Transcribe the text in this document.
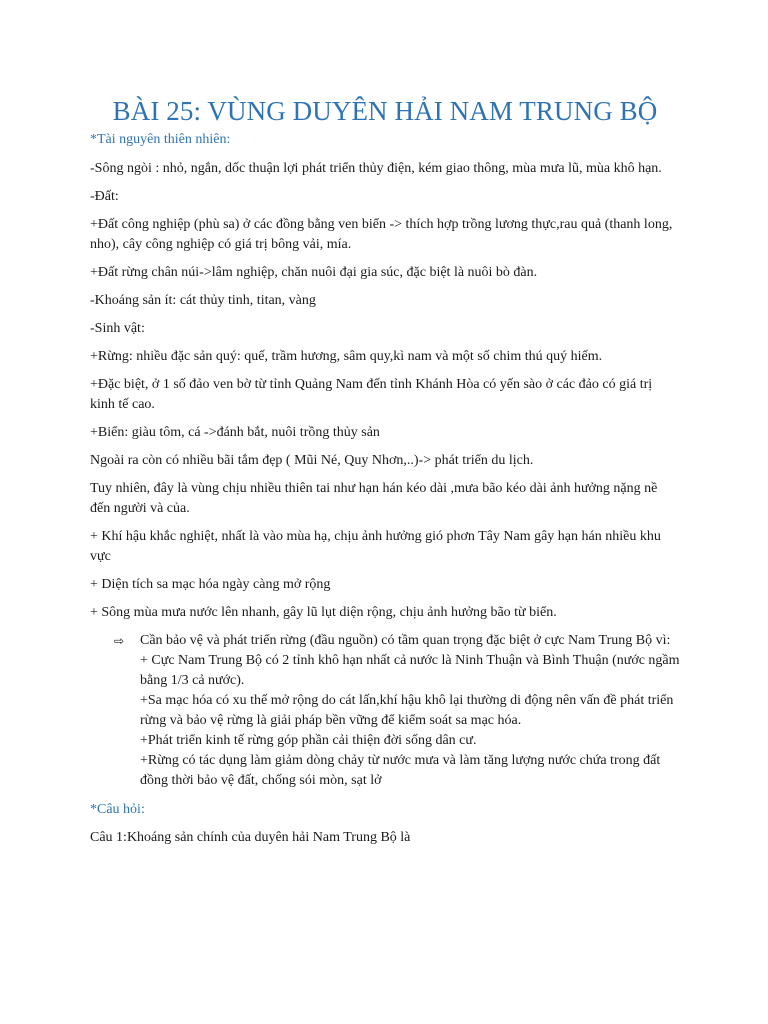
BÀI 25: VÙNG DUYÊN HẢI NAM TRUNG BỘ

*Tài nguyên thiên nhiên:

-Sông ngòi : nhỏ, ngắn, dốc thuận lợi phát triển thủy điện, kém giao thông, mùa mưa lũ, mùa khô hạn.

-Đất:

+Đất công nghiệp (phù sa) ở các đồng bằng ven biển -> thích hợp trồng lương thực,rau quả (thanh long, nho), cây công nghiệp có giá trị bông vải, mía.

+Đất rừng chân núi->lâm nghiệp, chăn nuôi đại gia súc, đặc biệt là nuôi bò đàn.

-Khoáng sản ít: cát thủy tinh, titan, vàng

-Sinh vật:

+Rừng: nhiều đặc sản quý: quế, trầm hương, sâm quy,kì nam và một số chim thú quý hiếm.

+Đặc biệt, ở 1 số đảo ven bờ từ tỉnh Quảng Nam đến tỉnh Khánh Hòa có yến sào ở các đảo có giá trị kinh tế cao.

+Biển: giàu tôm, cá ->đánh bắt, nuôi trồng thủy sản

Ngoài ra còn có nhiều bãi tắm đẹp ( Mũi Né, Quy Nhơn,..)-> phát triển du lịch.

Tuy nhiên, đây là vùng chịu nhiều thiên tai như hạn hán kéo dài ,mưa bão kéo dài ảnh hưởng nặng nề đến người và của.

+ Khí hậu khắc nghiệt, nhất là vào mùa hạ, chịu ảnh hưởng gió phơn Tây Nam gây hạn hán nhiều khu vực

+ Diện tích sa mạc hóa ngày càng mở rộng

+ Sông mùa mưa nước lên nhanh, gây lũ lụt diện rộng, chịu ảnh hưởng bão từ biển.

⇨ Cần bảo vệ và phát triển rừng (đầu nguồn) có tầm quan trọng đặc biệt ở cực Nam Trung Bộ vì:
+ Cực Nam Trung Bộ có 2 tỉnh khô hạn nhất cả nước là Ninh Thuận và Bình Thuận (nước ngầm bằng 1/3 cả nước).
+Sa mạc hóa có xu thế mở rộng do cát lấn,khí hậu khô lại thường di động nên vấn đề phát triển rừng và bảo vệ rừng là giải pháp bền vững để kiểm soát sa mạc hóa.
+Phát triển kinh tế rừng góp phần cải thiện đời sống dân cư.
+Rừng có tác dụng làm giảm dòng chảy từ nước mưa và làm tăng lượng nước chứa trong đất đồng thời bảo vệ đất, chống sói mòn, sạt lở

*Câu hỏi:

Câu 1:Khoáng sản chính của duyên hải Nam Trung Bộ là
